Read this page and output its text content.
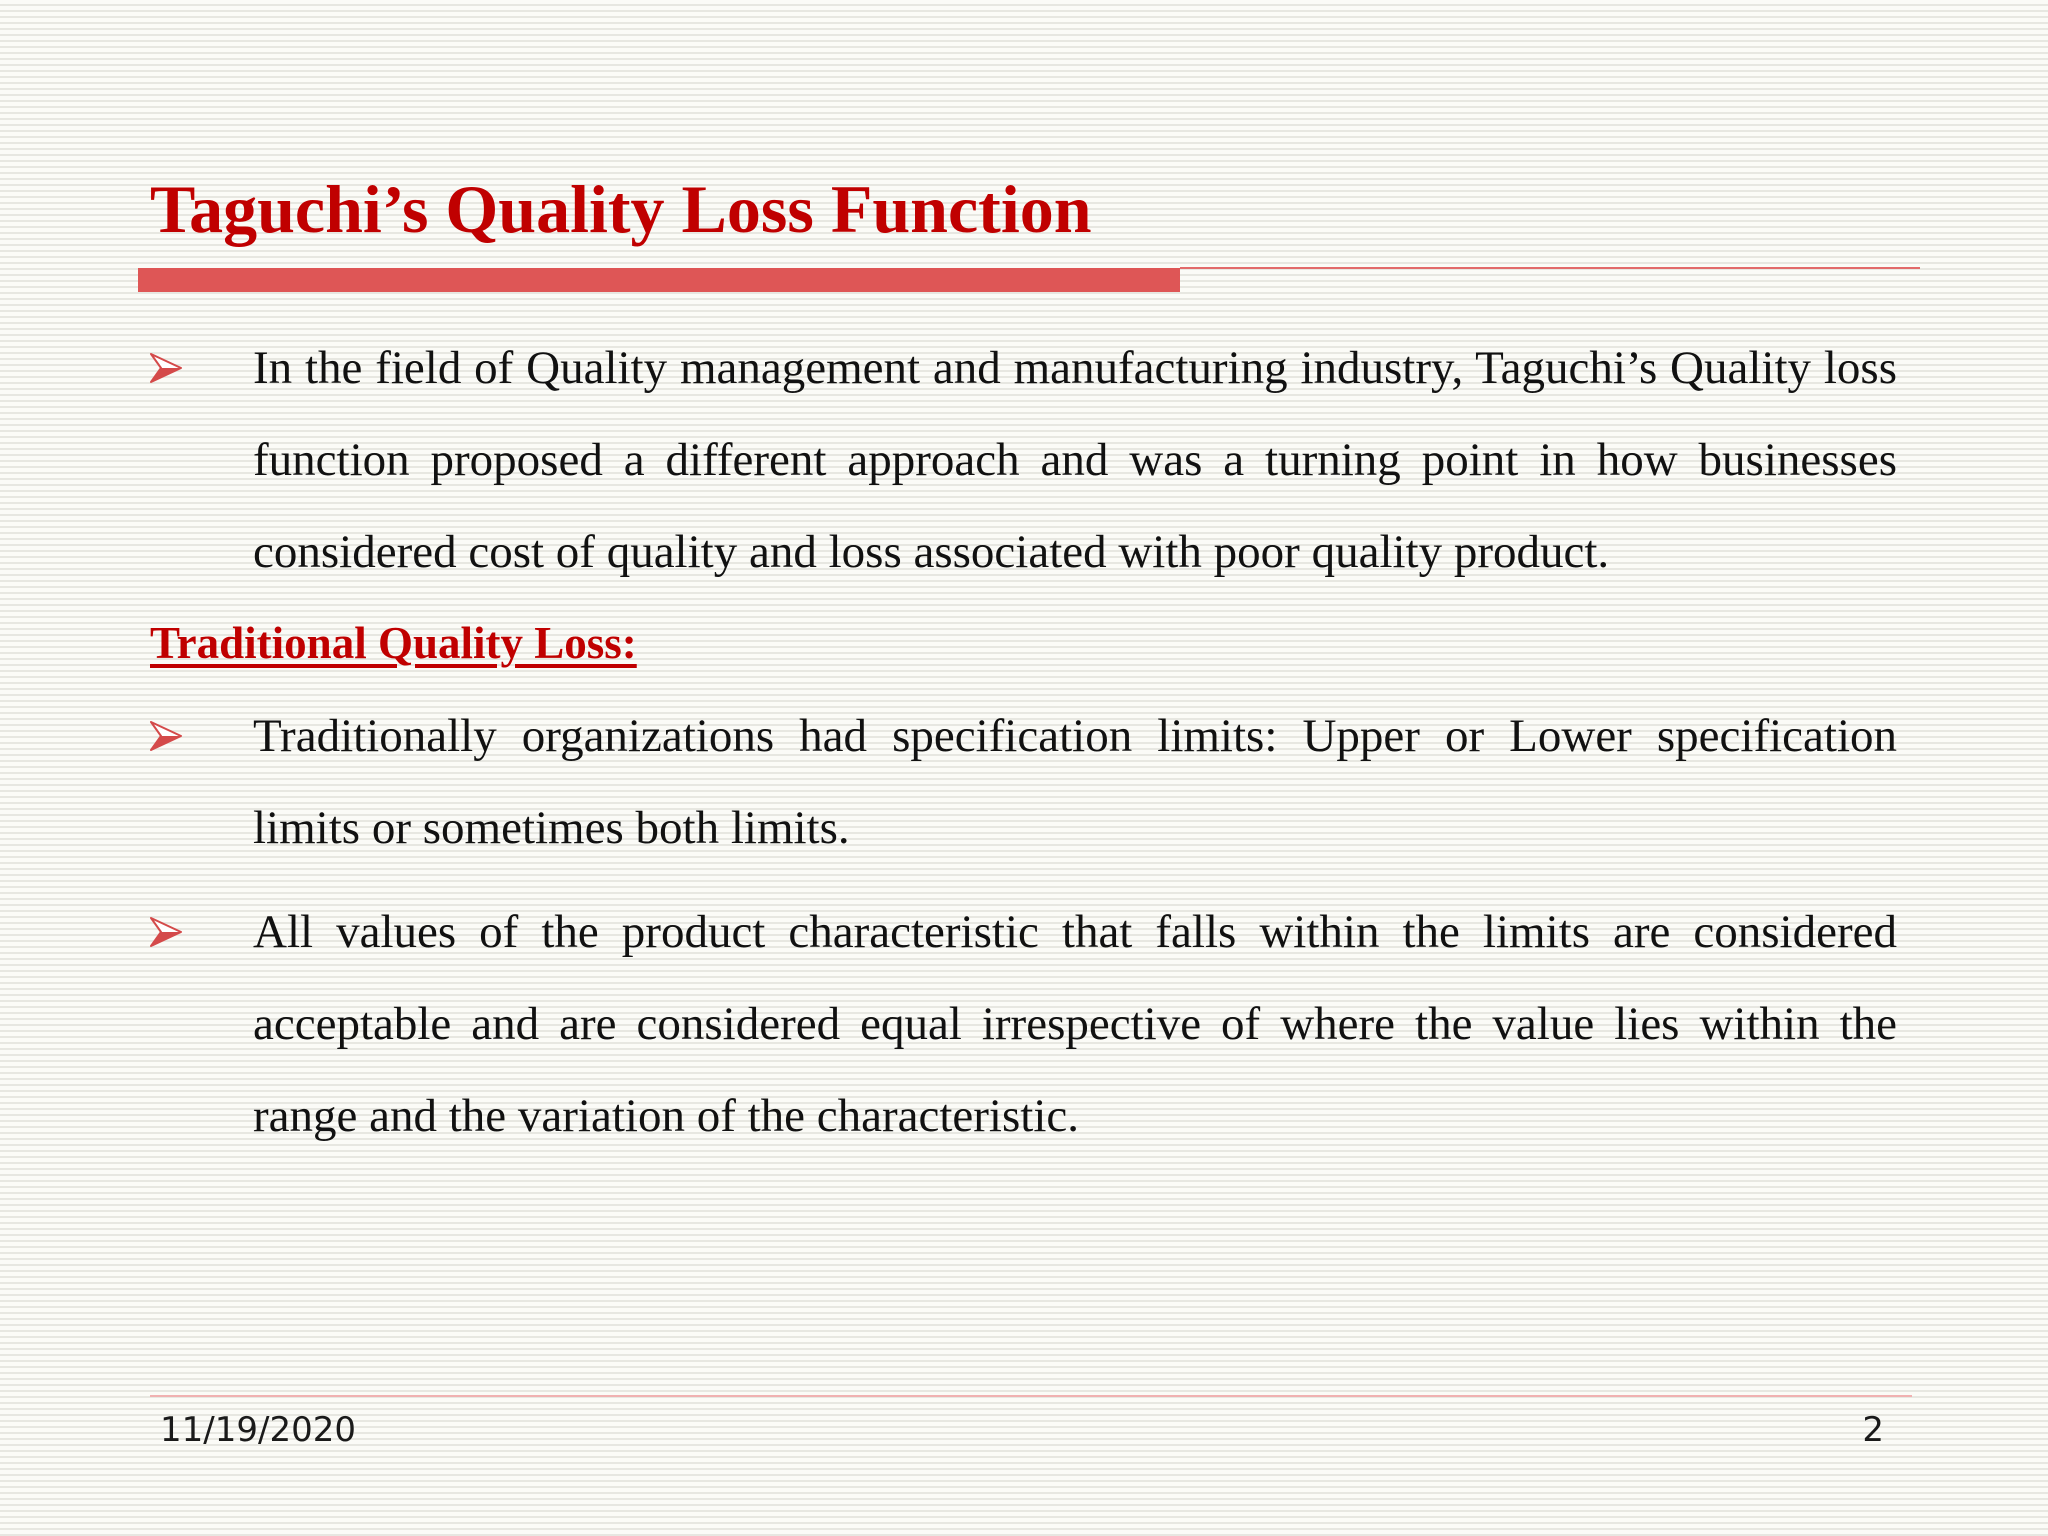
Taguchi’s Quality Loss Function

In the field of Quality management and manufacturing industry, Taguchi’s Quality loss function proposed a different approach and was a turning point in how businesses considered cost of quality and loss associated with poor quality product.

Traditional Quality Loss:

Traditionally organizations had specification limits: Upper or Lower specification limits or sometimes both limits.

All values of the product characteristic that falls within the limits are considered acceptable and are considered equal irrespective of where the value lies within the range and the variation of the characteristic.

11/19/2020	2
